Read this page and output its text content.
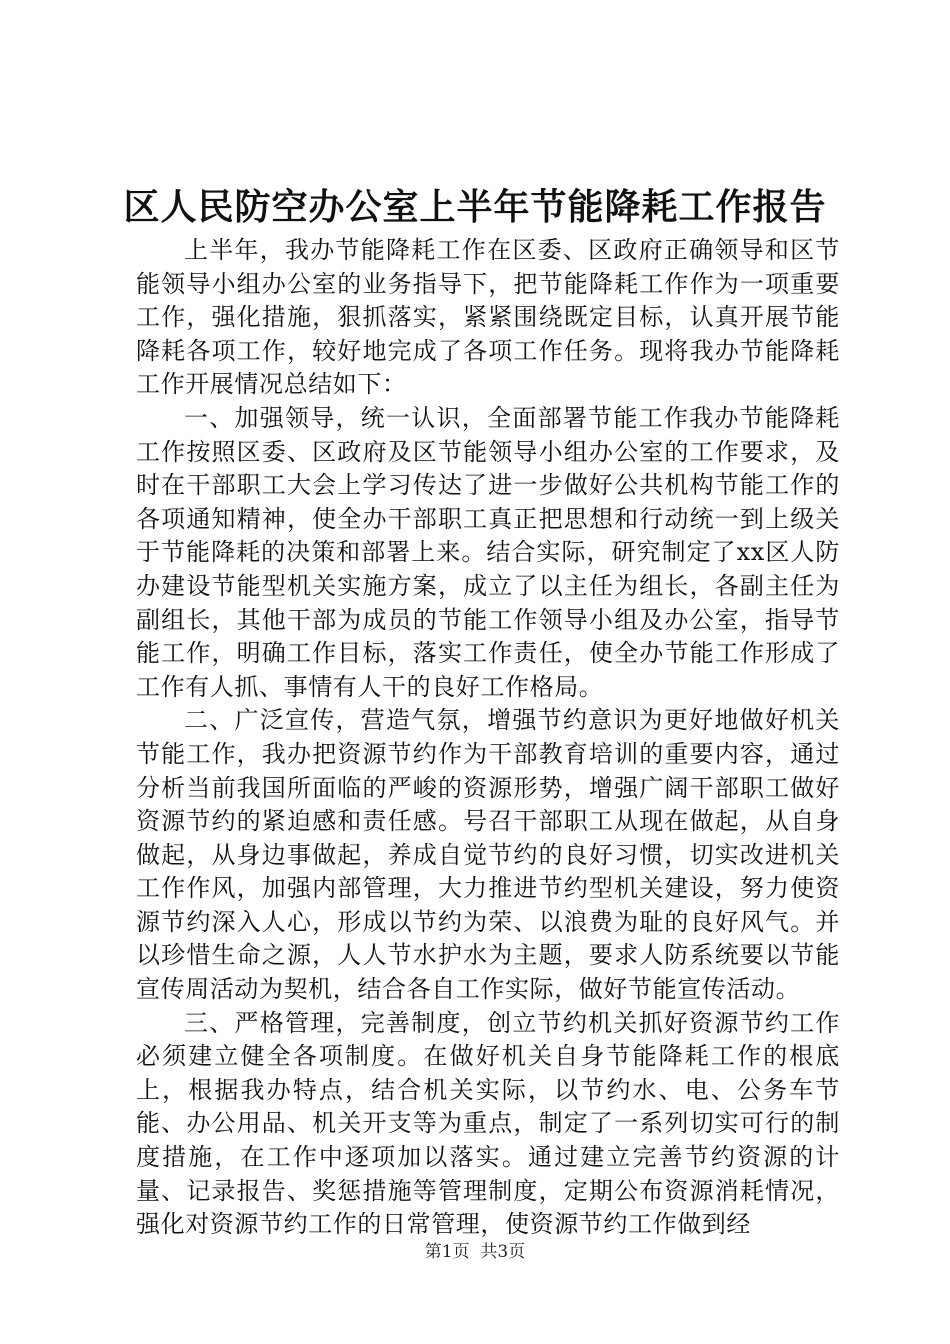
区人民防空办公室上半年节能降耗工作报告

上半年，我办节能降耗工作在区委、区政府正确领导和区节能领导小组办公室的业务指导下，把节能降耗工作作为一项重要工作，强化措施，狠抓落实，紧紧围绕既定目标，认真开展节能降耗各项工作，较好地完成了各项工作任务。现将我办节能降耗工作开展情况总结如下：

一、加强领导，统一认识，全面部署节能工作我办节能降耗工作按照区委、区政府及区节能领导小组办公室的工作要求，及时在干部职工大会上学习传达了进一步做好公共机构节能工作的各项通知精神，使全办干部职工真正把思想和行动统一到上级关于节能降耗的决策和部署上来。结合实际，研究制定了xx区人防办建设节能型机关实施方案，成立了以主任为组长，各副主任为副组长，其他干部为成员的节能工作领导小组及办公室，指导节能工作，明确工作目标，落实工作责任，使全办节能工作形成了工作有人抓、事情有人干的良好工作格局。

二、广泛宣传，营造气氛，增强节约意识为更好地做好机关节能工作，我办把资源节约作为干部教育培训的重要内容，通过分析当前我国所面临的严峻的资源形势，增强广阔干部职工做好资源节约的紧迫感和责任感。号召干部职工从现在做起，从自身做起，从身边事做起，养成自觉节约的良好习惯，切实改进机关工作作风，加强内部管理，大力推进节约型机关建设，努力使资源节约深入人心，形成以节约为荣、以浪费为耻的良好风气。并以珍惜生命之源，人人节水护水为主题，要求人防系统要以节能宣传周活动为契机，结合各自工作实际，做好节能宣传活动。

三、严格管理，完善制度，创立节约机关抓好资源节约工作必须建立健全各项制度。在做好机关自身节能降耗工作的根底上，根据我办特点，结合机关实际，以节约水、电、公务车节能、办公用品、机关开支等为重点，制定了一系列切实可行的制度措施，在工作中逐项加以落实。通过建立完善节约资源的计量、记录报告、奖惩措施等管理制度，定期公布资源消耗情况，强化对资源节约工作的日常管理，使资源节约工作做到经

第1页 共3页
